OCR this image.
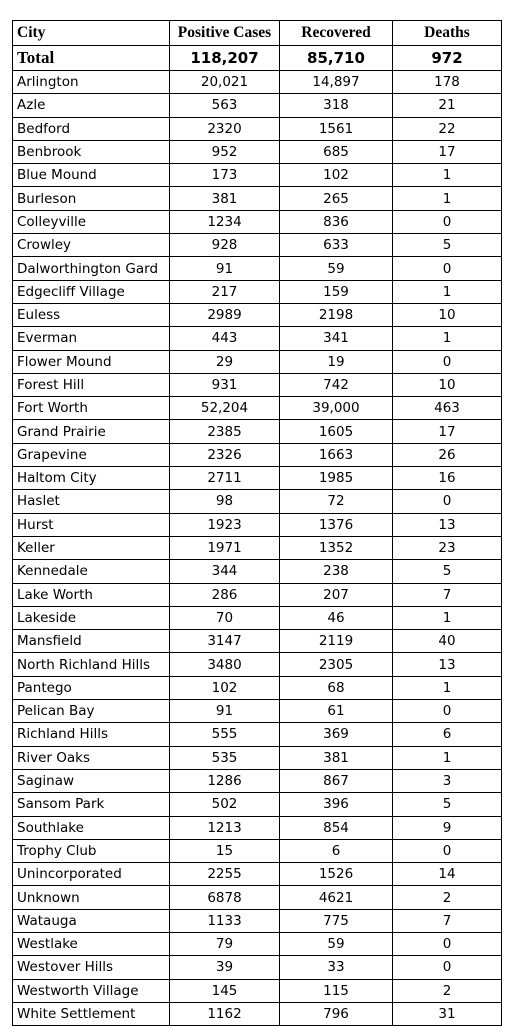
City	Positive Cases	Recovered	Deaths
Total	118,207	85,710	972
Arlington	20,021	14,897	178
Azle	563	318	21
Bedford	2320	1561	22
Benbrook	952	685	17
Blue Mound	173	102	1
Burleson	381	265	1
Colleyville	1234	836	0
Crowley	928	633	5
Dalworthington Gard	91	59	0
Edgecliff Village	217	159	1
Euless	2989	2198	10
Everman	443	341	1
Flower Mound	29	19	0
Forest Hill	931	742	10
Fort Worth	52,204	39,000	463
Grand Prairie	2385	1605	17
Grapevine	2326	1663	26
Haltom City	2711	1985	16
Haslet	98	72	0
Hurst	1923	1376	13
Keller	1971	1352	23
Kennedale	344	238	5
Lake Worth	286	207	7
Lakeside	70	46	1
Mansfield	3147	2119	40
North Richland Hills	3480	2305	13
Pantego	102	68	1
Pelican Bay	91	61	0
Richland Hills	555	369	6
River Oaks	535	381	1
Saginaw	1286	867	3
Sansom Park	502	396	5
Southlake	1213	854	9
Trophy Club	15	6	0
Unincorporated	2255	1526	14
Unknown	6878	4621	2
Watauga	1133	775	7
Westlake	79	59	0
Westover Hills	39	33	0
Westworth Village	145	115	2
White Settlement	1162	796	31
